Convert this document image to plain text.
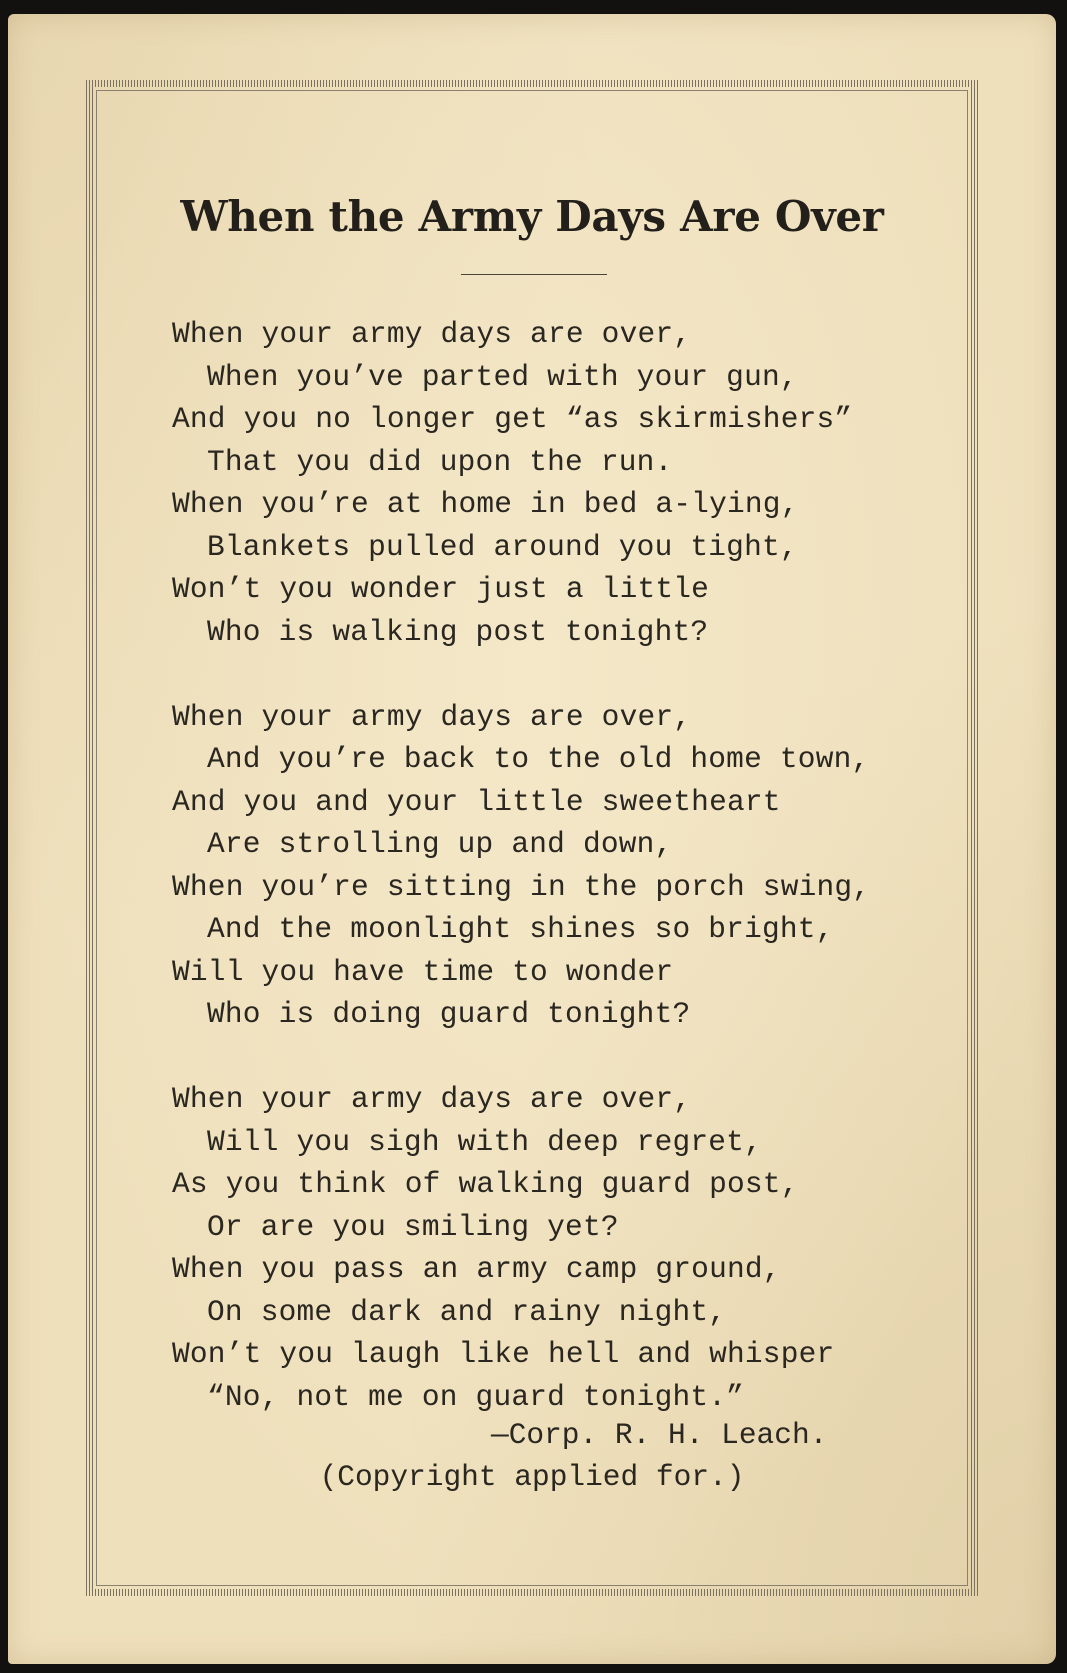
When the Army Days Are Over
When your army days are over,
When you’ve parted with your gun,
And you no longer get “as skirmishers”
That you did upon the run.
When you’re at home in bed a-lying,
Blankets pulled around you tight,
Won’t you wonder just a little
Who is walking post tonight?
When your army days are over,
And you’re back to the old home town,
And you and your little sweetheart
Are strolling up and down,
When you’re sitting in the porch swing,
And the moonlight shines so bright,
Will you have time to wonder
Who is doing guard tonight?
When your army days are over,
Will you sigh with deep regret,
As you think of walking guard post,
Or are you smiling yet?
When you pass an army camp ground,
On some dark and rainy night,
Won’t you laugh like hell and whisper
“No, not me on guard tonight.”
—Corp. R. H. Leach.
(Copyright applied for.)
